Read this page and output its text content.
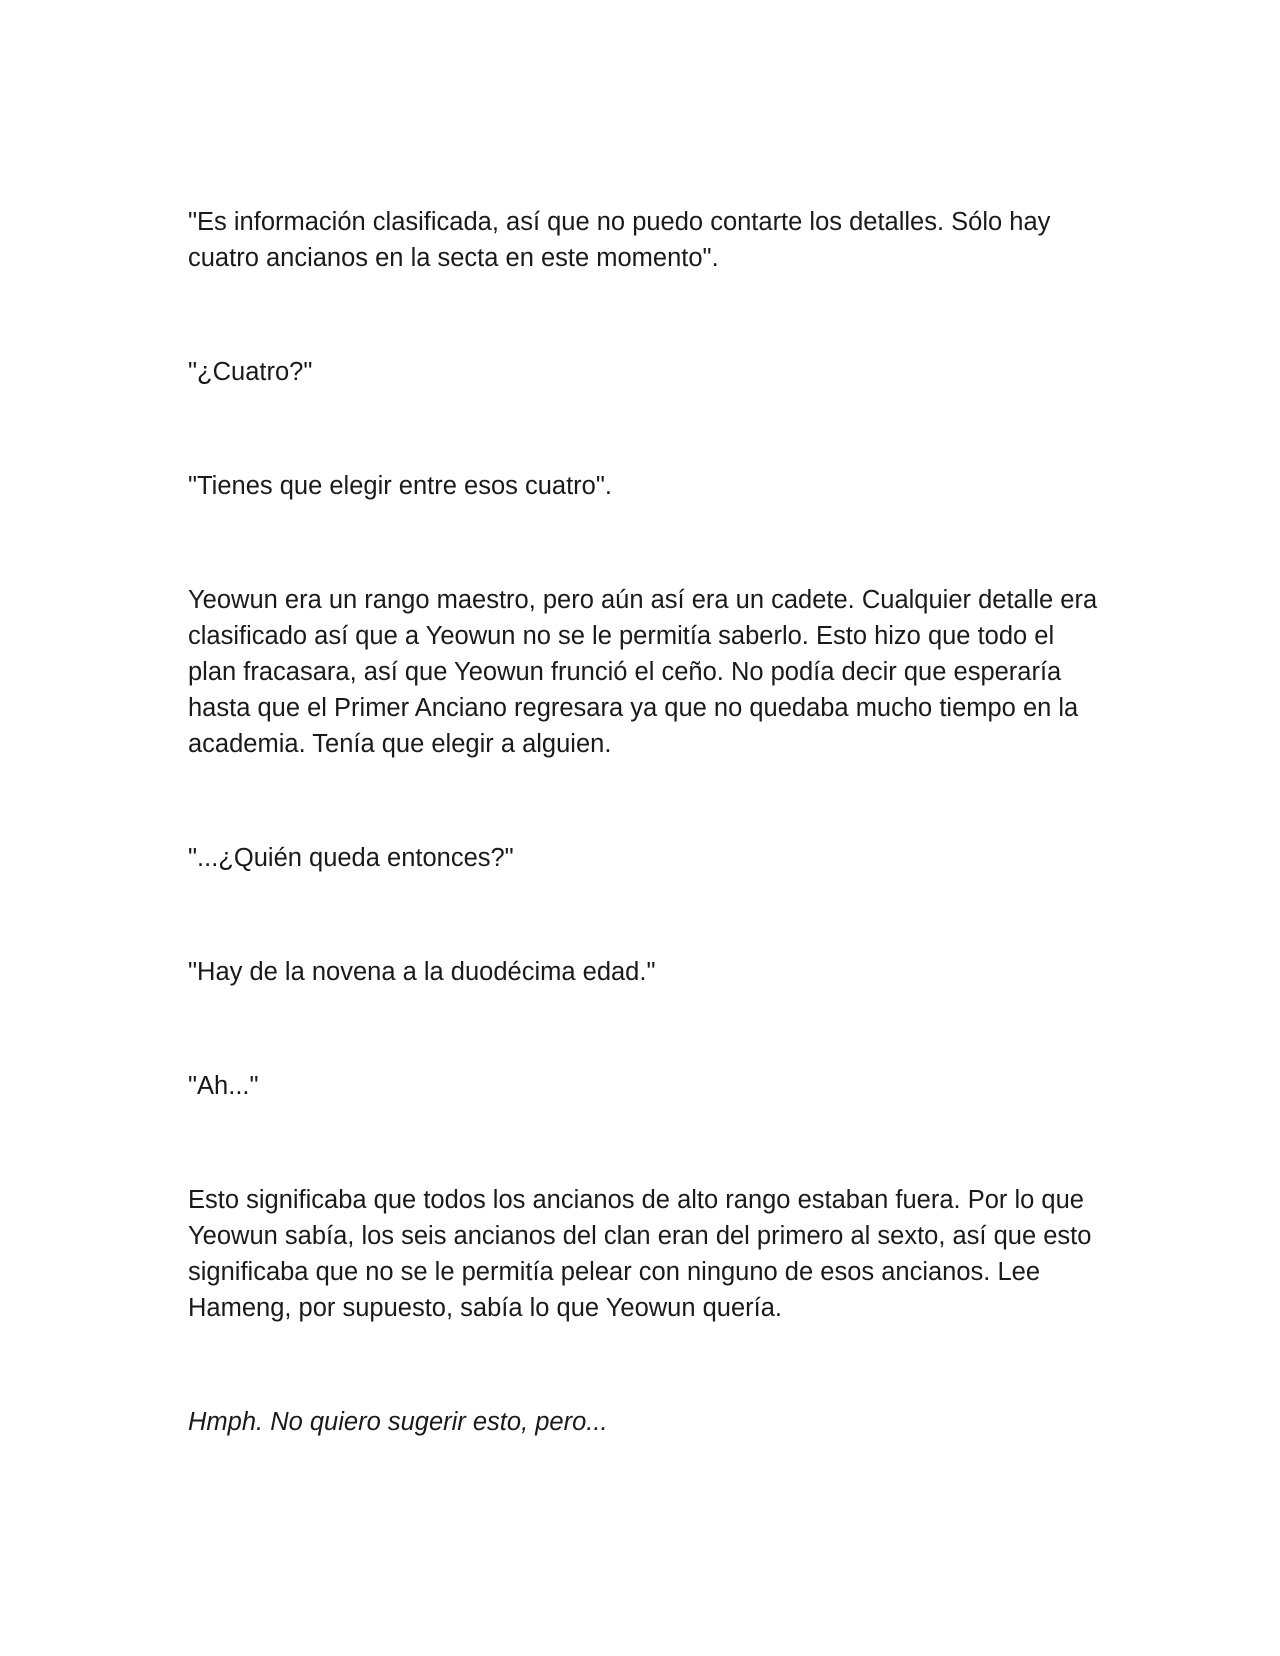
"Es información clasificada, así que no puedo contarte los detalles. Sólo hay cuatro ancianos en la secta en este momento".

"¿Cuatro?"

"Tienes que elegir entre esos cuatro".

Yeowun era un rango maestro, pero aún así era un cadete. Cualquier detalle era clasificado así que a Yeowun no se le permitía saberlo. Esto hizo que todo el plan fracasara, así que Yeowun frunció el ceño. No podía decir que esperaría hasta que el Primer Anciano regresara ya que no quedaba mucho tiempo en la academia. Tenía que elegir a alguien.

"...¿Quién queda entonces?"

"Hay de la novena a la duodécima edad."

"Ah..."

Esto significaba que todos los ancianos de alto rango estaban fuera. Por lo que Yeowun sabía, los seis ancianos del clan eran del primero al sexto, así que esto significaba que no se le permitía pelear con ninguno de esos ancianos. Lee Hameng, por supuesto, sabía lo que Yeowun quería.

Hmph. No quiero sugerir esto, pero...
